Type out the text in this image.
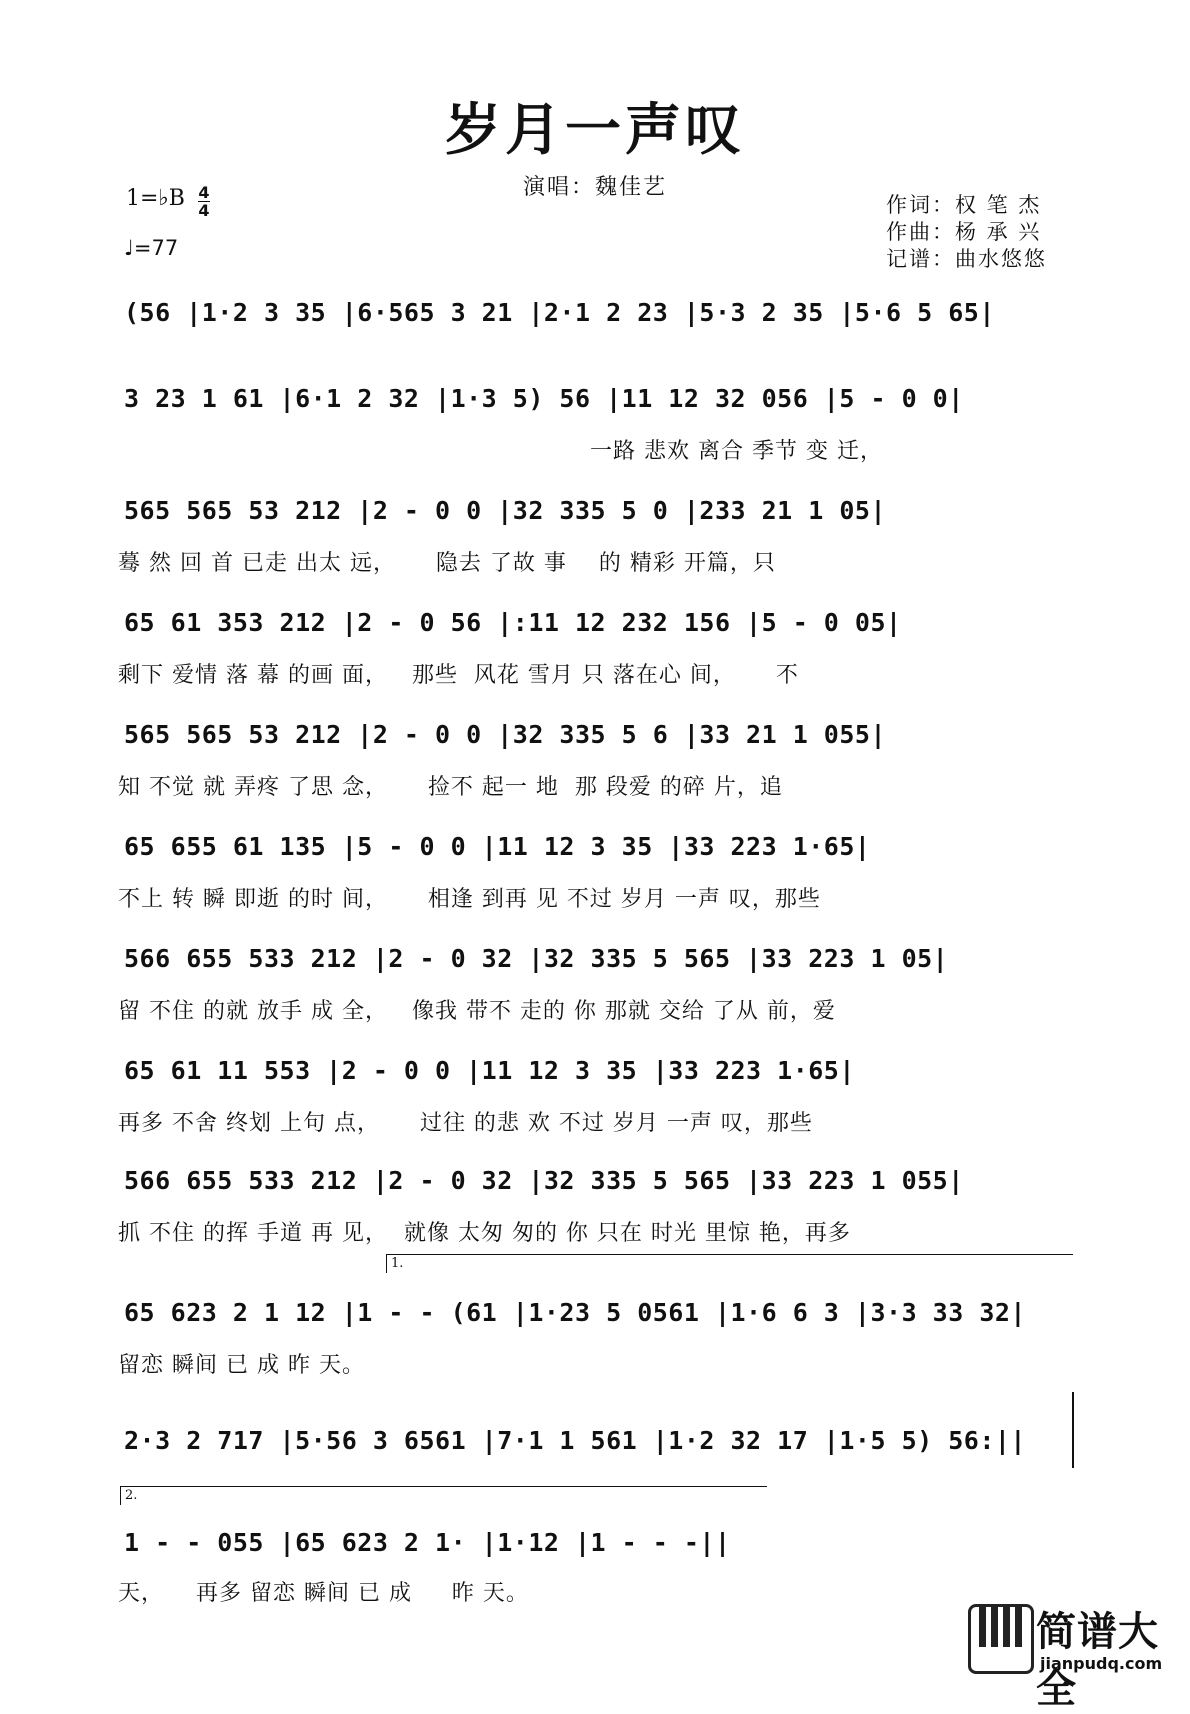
岁月一声叹
演唱：魏佳艺
1=♭B 4
4
♩=77
作词：权 笔 杰
作曲：杨 承 兴
记谱：曲水悠悠
(56 |1·2 3 35 |6·565 3 21 |2·1 2 23 |5·3 2 35 |5·6 5 65|
3 23 1 61 |6·1 2 32 |1·3 5) 56 |11 12 32 056 |5 - 0 0|
一路 悲欢 离合 季节 变 迁，
565 565 53 212 |2 - 0 0 |32 335 5 0 |233 21 1 05|
蓦 然 回 首 已走 出太 远，     隐去 了故 事    的 精彩 开篇，只
65 61 353 212 |2 - 0 56 |:11 12 232 156 |5 - 0 05|
剩下 爱情 落 幕 的画 面，   那些  风花 雪月 只 落在心 间，     不
565 565 53 212 |2 - 0 0 |32 335 5 6 |33 21 1 055|
知 不觉 就 弄疼 了思 念，     捡不 起一 地  那 段爱 的碎 片，追
65 655 61 135 |5 - 0 0 |11 12 3 35 |33 223 1·65|
不上 转 瞬 即逝 的时 间，     相逢 到再 见 不过 岁月 一声 叹，那些
566 655 533 212 |2 - 0 32 |32 335 5 565 |33 223 1 05|
留 不住 的就 放手 成 全，   像我 带不 走的 你 那就 交给 了从 前，爱
65 61 11 553 |2 - 0 0 |11 12 3 35 |33 223 1·65|
再多 不舍 终划 上句 点，     过往 的悲 欢 不过 岁月 一声 叹，那些
566 655 533 212 |2 - 0 32 |32 335 5 565 |33 223 1 055|
抓 不住 的挥 手道 再 见，  就像 太匆 匆的 你 只在 时光 里惊 艳，再多
1.
65 623 2 1 12 |1 - - (61 |1·23 5 0561 |1·6 6 3 |3·3 33 32|
留恋 瞬间 已 成 昨 天。
2·3 2 717 |5·56 3 6561 |7·1 1 561 |1·2 32 17 |1·5 5) 56:||
2.
1 - - 055 |65 623 2 1· |1·12 |1 - - -||
天，    再多 留恋 瞬间 已 成     昨 天。
简谱大全
jianpudq.com
